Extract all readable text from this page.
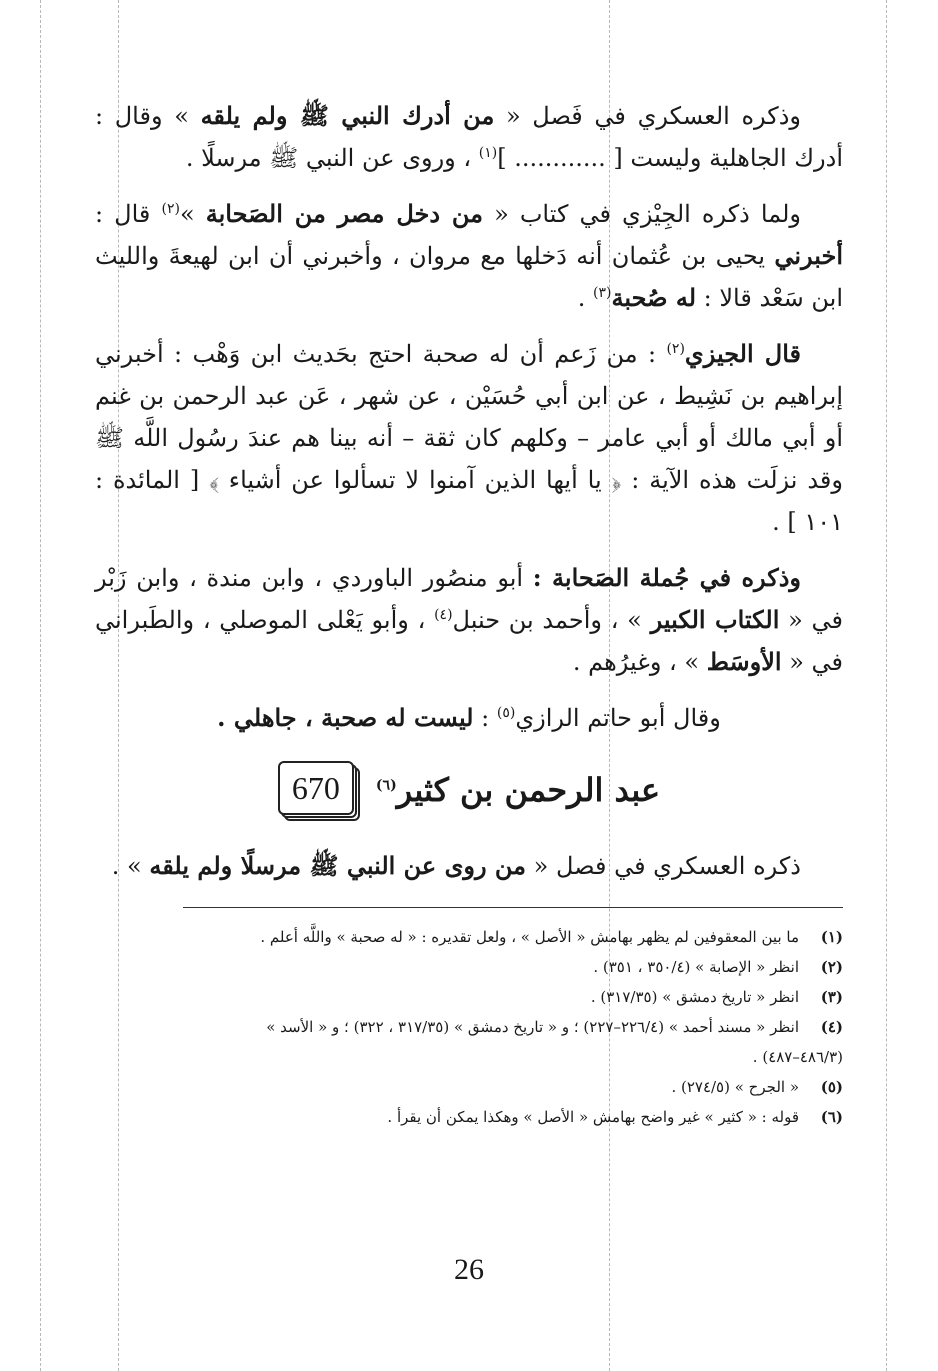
وذكره العسكري في فَصل « من أدرك النبي ﷺ ولم يلقه » وقال : أدرك الجاهلية وليست [ ............ ]$^{(١)}$ ، وروى عن النبي ﷺ مرسلًا .

ولما ذكره الجِيْزي في كتاب « من دخل مصر من الصَحابة »$^{(٢)}$ قال : أخبرني يحيى بن عُثمان أنه دَخلها مع مروان ، وأخبرني أن ابن لهيعةَ والليث ابن سَعْد قالا : له صُحبة$^{(٣)}$ .

قال الجيزي$^{(٢)}$ : من زَعم أن له صحبة احتج بحَديث ابن وَهْب : أخبرني إبراهيم بن نَشِيط ، عن ابن أبي حُسَيْن ، عن شهر ، عَن عبد الرحمن بن غنم أو أبي مالك أو أبي عامر – وكلهم كان ثقة – أنه بينا هم عندَ رسُول اللَّه ﷺ وقد نزلَت هذه الآية : ﴿ يا أيها الذين آمنوا لا تسألوا عن أشياء ﴾ [ المائدة : ١٠١ ] .

وذكره في جُملة الصَحابة : أبو منصُور الباوردي ، وابن مندة ، وابن زَبْر في « الكتاب الكبير » ، وأحمد بن حنبل$^{(٤)}$ ، وأبو يَعْلى الموصلي ، والطَبراني في « الأوسَط » ، وغيرُهم .

وقال أبو حاتم الرازي$^{(٥)}$ : ليست له صحبة ، جاهلي .

عبد الرحمن بن كثير$^{(٦)}$
670

ذكره العسكري في فصل « من روى عن النبي ﷺ مرسلًا ولم يلقه » .

(١)
ما بين المعقوفين لم يظهر بهامش « الأصل » ، ولعل تقديره : « له صحبة » واللَّه أعلم .

(٢)
انظر « الإصابة » (٣٥٠/٤ ، ٣٥١) .

(٣)
انظر « تاريخ دمشق » (٣١٧/٣٥) .

(٤)
انظر « مسند أحمد » (٢٢٦/٤–٢٢٧) ؛ و « تاريخ دمشق » (٣١٧/٣٥ ، ٣٢٢) ؛ و « الأسد »

(٤٨٦/٣–٤٨٧) .

(٥)
« الجرح » (٢٧٤/٥) .

(٦)
قوله : « كثير » غير واضح بهامش « الأصل » وهكذا يمكن أن يقرأ .

26
